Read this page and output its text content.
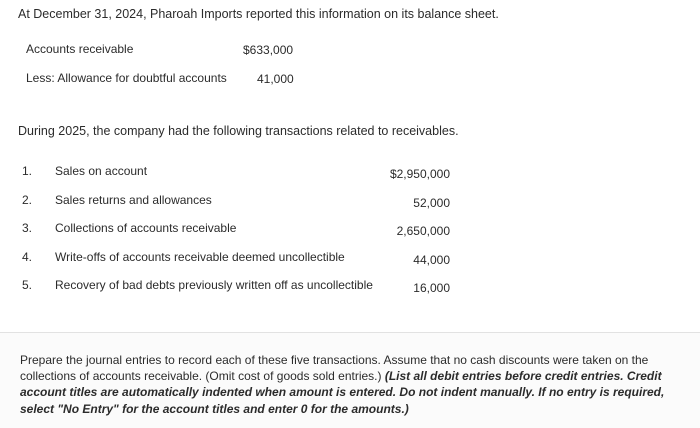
At December 31, 2024, Pharoah Imports reported this information on its balance sheet.
Accounts receivable	$633,000
Less: Allowance for doubtful accounts	41,000
During 2025, the company had the following transactions related to receivables.
1. Sales on account	$2,950,000
2. Sales returns and allowances	52,000
3. Collections of accounts receivable	2,650,000
4. Write-offs of accounts receivable deemed uncollectible	44,000
5. Recovery of bad debts previously written off as uncollectible	16,000
Prepare the journal entries to record each of these five transactions. Assume that no cash discounts were taken on the collections of accounts receivable. (Omit cost of goods sold entries.) (List all debit entries before credit entries. Credit account titles are automatically indented when amount is entered. Do not indent manually. If no entry is required, select "No Entry" for the account titles and enter 0 for the amounts.)
